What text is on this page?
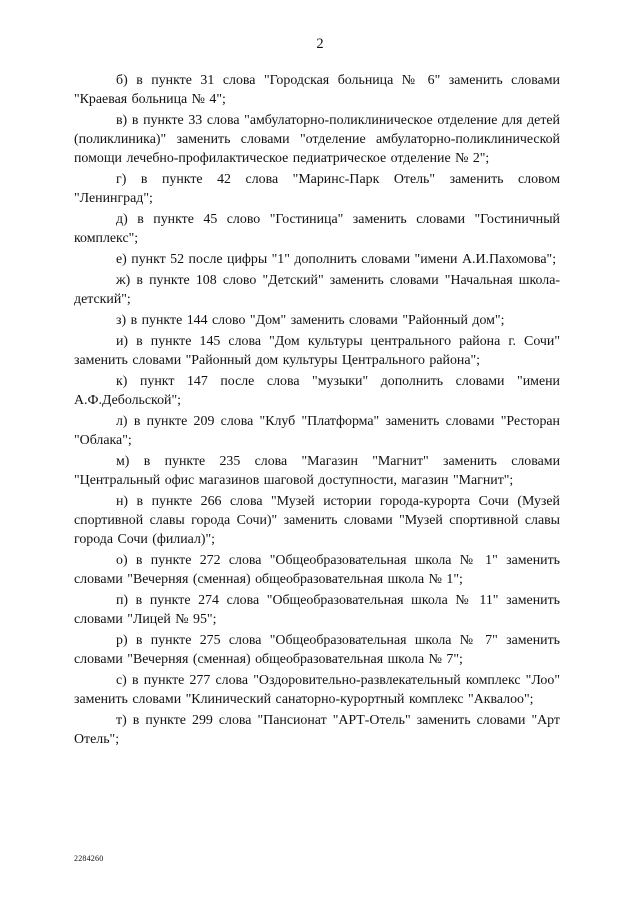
2

б) в пункте 31 слова "Городская больница № 6" заменить словами "Краевая больница № 4";

в) в пункте 33 слова "амбулаторно-поликлиническое отделение для детей (поликлиника)" заменить словами "отделение амбулаторно-поликлинической помощи лечебно-профилактическое педиатрическое отделение № 2";

г) в пункте 42 слова "Маринс-Парк Отель" заменить словом "Ленинград";

д) в пункте 45 слово "Гостиница" заменить словами "Гостиничный комплекс";

е) пункт 52 после цифры "1" дополнить словами "имени А.И.Пахомова";

ж) в пункте 108 слово "Детский" заменить словами "Начальная школа-детский";

з) в пункте 144 слово "Дом" заменить словами "Районный дом";

и) в пункте 145 слова "Дом культуры центрального района г. Сочи" заменить словами "Районный дом культуры Центрального района";

к) пункт 147 после слова "музыки" дополнить словами "имени А.Ф.Дебольской";

л) в пункте 209 слова "Клуб "Платформа" заменить словами "Ресторан "Облака";

м) в пункте 235 слова "Магазин "Магнит" заменить словами "Центральный офис магазинов шаговой доступности, магазин "Магнит";

н) в пункте 266 слова "Музей истории города-курорта Сочи (Музей спортивной славы города Сочи)" заменить словами "Музей спортивной славы города Сочи (филиал)";

о) в пункте 272 слова "Общеобразовательная школа № 1" заменить словами "Вечерняя (сменная) общеобразовательная школа № 1";

п) в пункте 274 слова "Общеобразовательная школа № 11" заменить словами "Лицей № 95";

р) в пункте 275 слова "Общеобразовательная школа № 7" заменить словами "Вечерняя (сменная) общеобразовательная школа № 7";

с) в пункте 277 слова "Оздоровительно-развлекательный комплекс "Лоо" заменить словами "Клинический санаторно-курортный комплекс "Аквалоо";

т) в пункте 299 слова "Пансионат "АРТ-Отель" заменить словами "Арт Отель";

2284260
